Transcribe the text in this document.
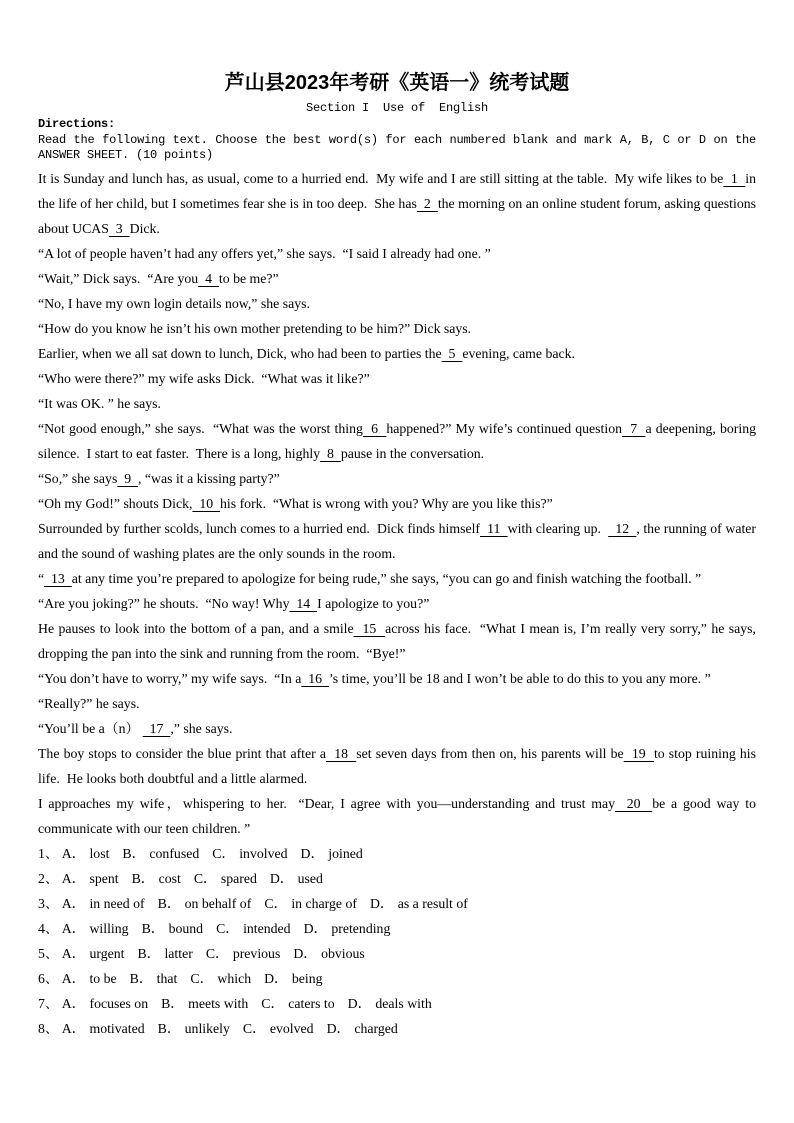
芦山县2023年考研《英语一》统考试题
Section I  Use of  English
Directions:
Read the following text. Choose the best word(s) for each numbered blank and mark A, B, C or D on the ANSWER SHEET. (10 points)

It is Sunday and lunch has, as usual, come to a hurried end.  My wife and I are still sitting at the table.  My wife likes to be  1  in the life of her child, but I sometimes fear she is in too deep.  She has  2  the morning on an online student forum, asking questions about UCAS  3  Dick.

“A lot of people haven’t had any offers yet,” she says.  “I said I already had one. ”

“Wait,” Dick says.  “Are you  4  to be me?”

“No, I have my own login details now,” she says.

“How do you know he isn’t his own mother pretending to be him?” Dick says.

Earlier, when we all sat down to lunch, Dick, who had been to parties the  5  evening, came back.

“Who were there?” my wife asks Dick.  “What was it like?”

“It was OK. ” he says.

“Not good enough,” she says.  “What was the worst thing  6  happened?” My wife’s continued question  7  a deepening, boring silence.  I start to eat faster.  There is a long, highly  8  pause in the conversation.

“So,” she says  9  , “was it a kissing party?”

“Oh my God!” shouts Dick,  10  his fork.  “What is wrong with you? Why are you like this?”

Surrounded by further scolds, lunch comes to a hurried end.  Dick finds himself  11  with clearing up.    12  , the running of water and the sound of washing plates are the only sounds in the room.

“  13  at any time you’re prepared to apologize for being rude,” she says, “you can go and finish watching the football. ”

“Are you joking?” he shouts.  “No way! Why  14  I apologize to you?”

He pauses to look into the bottom of a pan, and a smile  15  across his face.  “What I mean is, I’m really very sorry,” he says, dropping the pan into the sink and running from the room.  “Bye!”

“You don’t have to worry,” my wife says.  “In a  16  ’s time, you’ll be 18 and I won’t be able to do this to you any more. ”

“Really?” he says.

“You’ll be a（n）   17  ,” she says.

The boy stops to consider the blue print that after a  18  set seven days from then on, his parents will be  19  to stop ruining his life.  He looks both doubtful and a little alarmed.

I approaches my wife，whispering to her.  “Dear, I agree with you—understanding and trust may  20  be a good way to communicate with our teen children. ”

1、 A． lost B． confused C． involved D． joined
2、 A． spent B． cost C． spared D． used
3、 A． in need of B． on behalf of C． in charge of D． as a result of
4、 A． willing B． bound C． intended D． pretending
5、 A． urgent B． latter C． previous D． obvious
6、 A． to be B． that C． which D． being
7、 A． focuses on B． meets with C． caters to D． deals with
8、 A． motivated B． unlikely C． evolved D． charged
